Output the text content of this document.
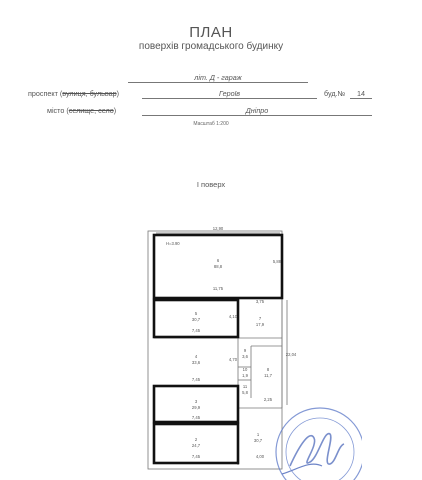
ПЛАН
поверхів громадського будинку
літ. Д - гараж
проспект (вулиця, бульвар)	Героїв	буд.№	14
місто (селище, село)	Дніпро
Масштаб 1:200
І поверх
12,90
H=3.90
6
88,8
11,75
5,88
5
30,7
7,45
4,10	7
17,9
3,75
4
33,6
7,45
4,70
9
3,6
10
1,9
8
11,7
11
5,8
2,25
22,04
3
29,9
7,45
2
24,7
7,45
1
30,7
4,00
